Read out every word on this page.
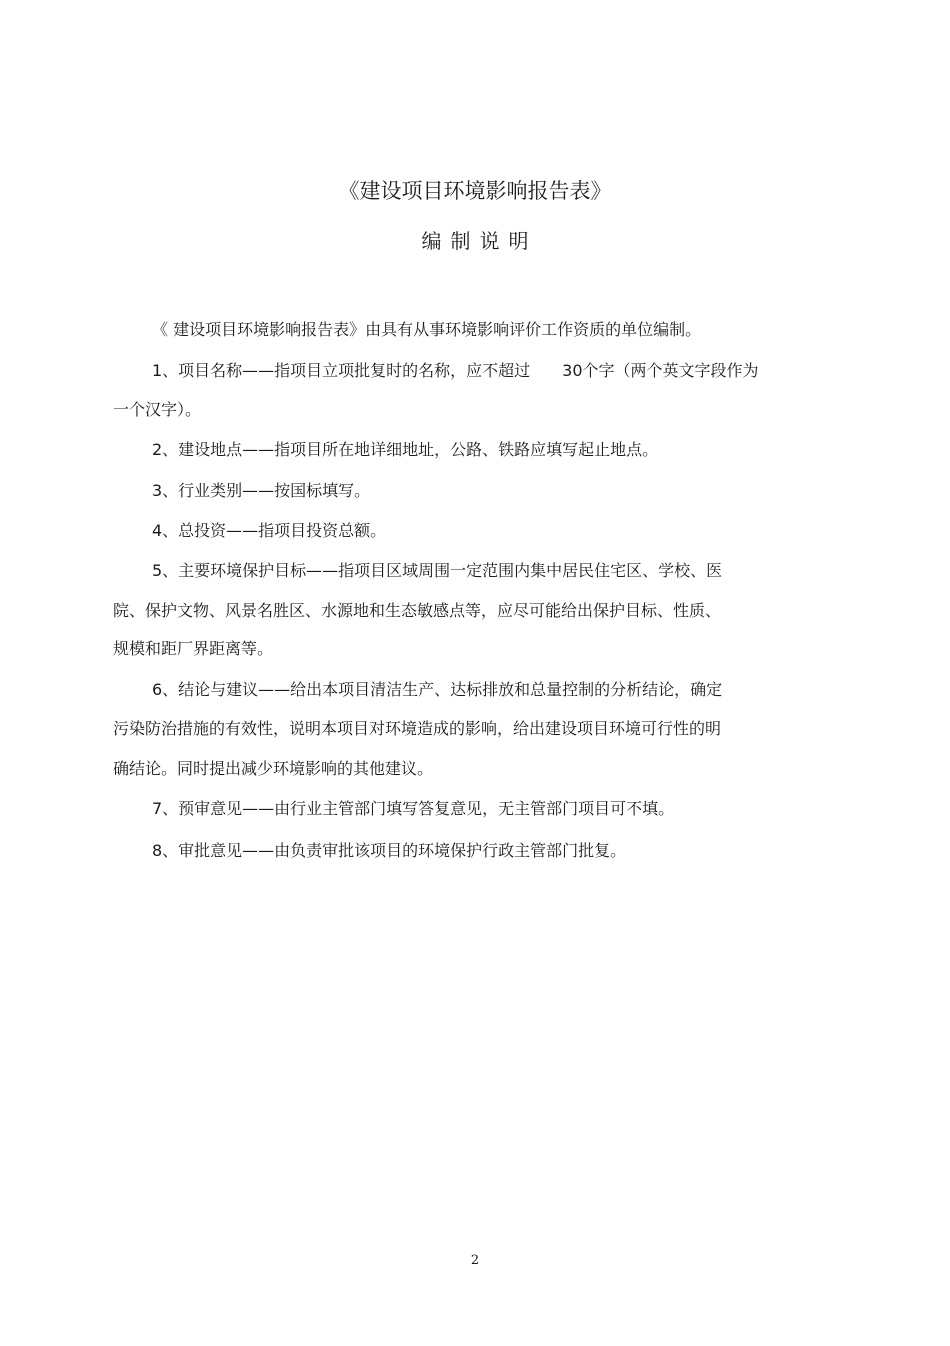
《建设项目环境影响报告表》
编制说明
《 建设项目环境影响报告表》由具有从事环境影响评价工作资质的单位编制。
1、项目名称——指项目立项批复时的名称，应不超过　　30个字（两个英文字段作为
一个汉字）。
2、建设地点——指项目所在地详细地址，公路、铁路应填写起止地点。
3、行业类别——按国标填写。
4、总投资——指项目投资总额。
5、主要环境保护目标——指项目区域周围一定范围内集中居民住宅区、学校、医
院、保护文物、风景名胜区、水源地和生态敏感点等，应尽可能给出保护目标、性质、
规模和距厂界距离等。
6、结论与建议——给出本项目清洁生产、达标排放和总量控制的分析结论，确定
污染防治措施的有效性，说明本项目对环境造成的影响，给出建设项目环境可行性的明
确结论。同时提出减少环境影响的其他建议。
7、预审意见——由行业主管部门填写答复意见，无主管部门项目可不填。
8、审批意见——由负责审批该项目的环境保护行政主管部门批复。
2
